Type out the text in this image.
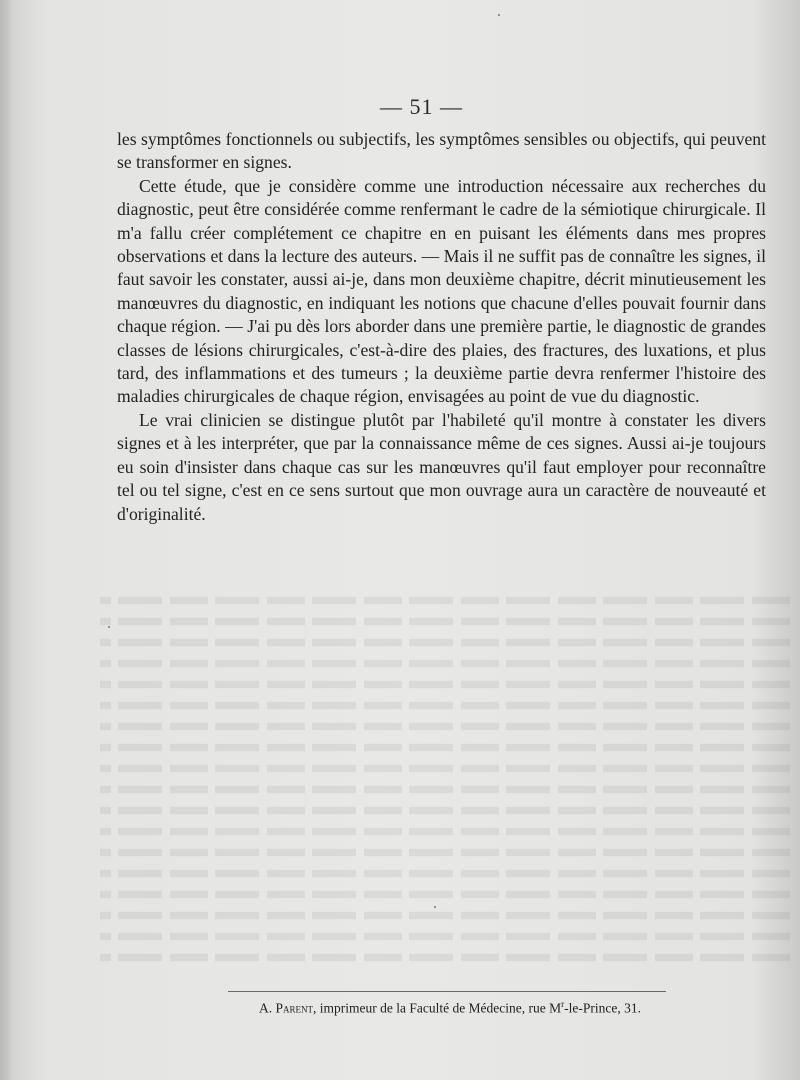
— 51 —

les symptômes fonctionnels ou subjectifs, les symptômes sensibles ou objectifs, qui peuvent se transformer en signes.

Cette étude, que je considère comme une introduction nécessaire aux recherches du diagnostic, peut être considérée comme renfermant le cadre de la sémiotique chirurgicale. Il m'a fallu créer complétement ce chapitre en en puisant les éléments dans mes propres observations et dans la lecture des auteurs. — Mais il ne suffit pas de connaître les signes, il faut savoir les constater, aussi ai-je, dans mon deuxième chapitre, décrit minutieusement les manœuvres du diagnostic, en indiquant les notions que chacune d'elles pouvait fournir dans chaque région. — J'ai pu dès lors aborder dans une première partie, le diagnostic de grandes classes de lésions chirurgicales, c'est-à-dire des plaies, des fractures, des luxations, et plus tard, des inflammations et des tumeurs ; la deuxième partie devra renfermer l'histoire des maladies chirurgicales de chaque région, envisagées au point de vue du diagnostic.

Le vrai clinicien se distingue plutôt par l'habileté qu'il montre à constater les divers signes et à les interpréter, que par la connaissance même de ces signes. Aussi ai-je toujours eu soin d'insister dans chaque cas sur les manœuvres qu'il faut employer pour reconnaître tel ou tel signe, c'est en ce sens surtout que mon ouvrage aura un caractère de nouveauté et d'originalité.

A. Parent, imprimeur de la Faculté de Médecine, rue $M^r-le$-Prince, 31.
